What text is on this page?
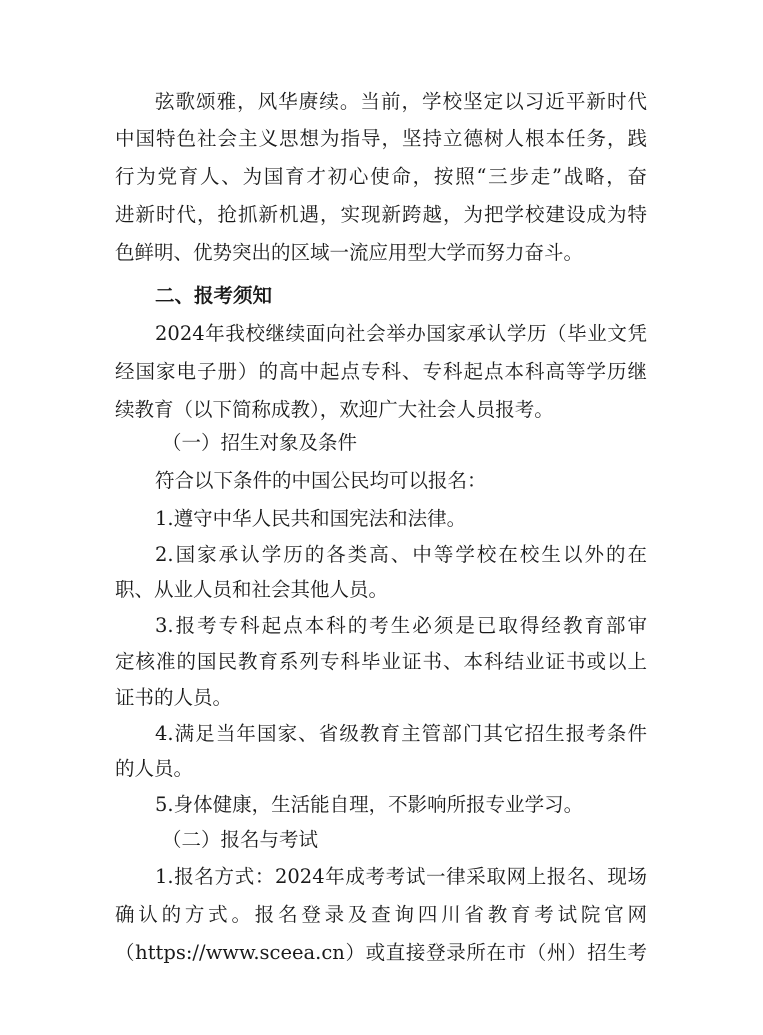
弦歌颂雅，风华赓续。当前，学校坚定以习近平新时代
中国特色社会主义思想为指导，坚持立德树人根本任务，践
行为党育人、为国育才初心使命，按照“三步走”战略，奋
进新时代，抢抓新机遇，实现新跨越，为把学校建设成为特
色鲜明、优势突出的区域一流应用型大学而努力奋斗。
二、报考须知
2024年我校继续面向社会举办国家承认学历（毕业文凭
经国家电子册）的高中起点专科、专科起点本科高等学历继
续教育（以下简称成教），欢迎广大社会人员报考。
（一）招生对象及条件
符合以下条件的中国公民均可以报名：
1.遵守中华人民共和国宪法和法律。
2.国家承认学历的各类高、中等学校在校生以外的在
职、从业人员和社会其他人员。
3.报考专科起点本科的考生必须是已取得经教育部审
定核准的国民教育系列专科毕业证书、本科结业证书或以上
证书的人员。
4.满足当年国家、省级教育主管部门其它招生报考条件
的人员。
5.身体健康，生活能自理，不影响所报专业学习。
（二）报名与考试
1.报名方式：2024年成考考试一律采取网上报名、现场
确认的方式。报名登录及查询四川省教育考试院官网
（https://www.sceea.cn）或直接登录所在市（州）招生考
